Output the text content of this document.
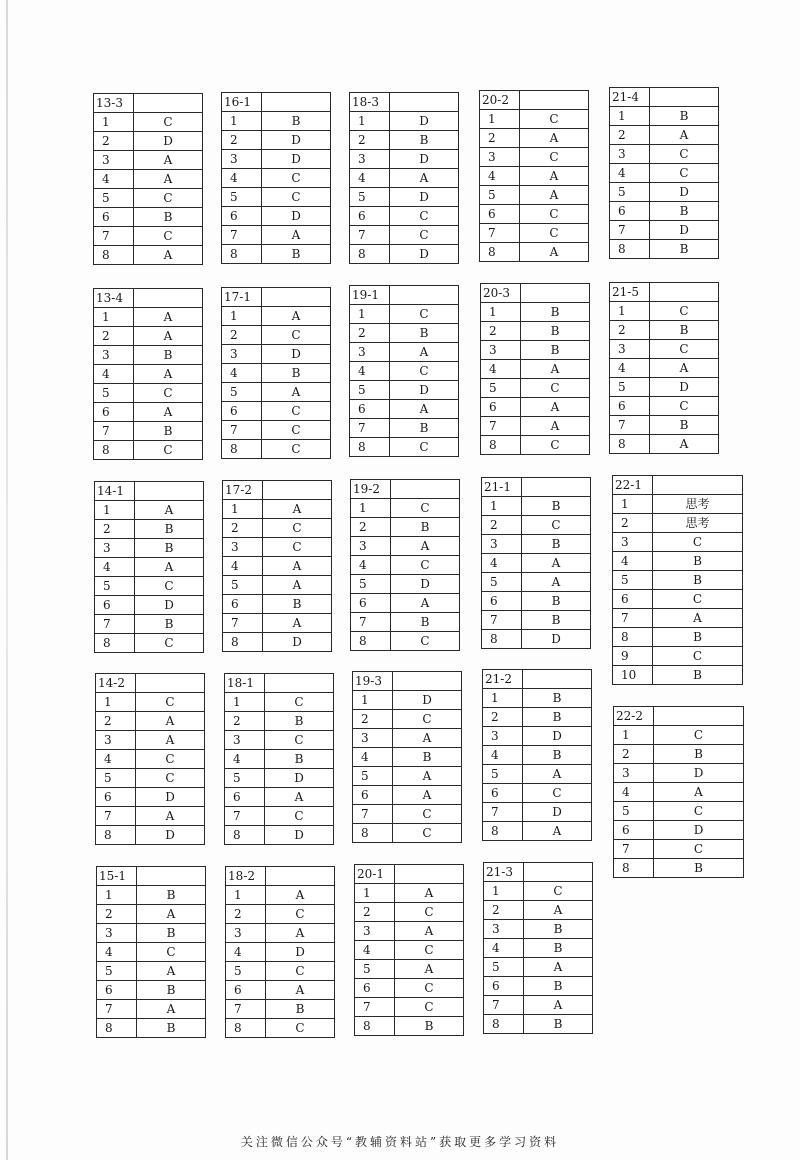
13-3	
1	C
2	D
3	A
4	A
5	C
6	B
7	C
8	A
16-1	
1	B
2	D
3	D
4	C
5	C
6	D
7	A
8	B
18-3	
1	D
2	B
3	D
4	A
5	D
6	C
7	C
8	D
20-2	
1	C
2	A
3	C
4	A
5	A
6	C
7	C
8	A
21-4	
1	B
2	A
3	C
4	C
5	D
6	B
7	D
8	B
13-4	
1	A
2	A
3	B
4	A
5	C
6	A
7	B
8	C
17-1	
1	A
2	C
3	D
4	B
5	A
6	C
7	C
8	C
19-1	
1	C
2	B
3	A
4	C
5	D
6	A
7	B
8	C
20-3	
1	B
2	B
3	B
4	A
5	C
6	A
7	A
8	C
21-5	
1	C
2	B
3	C
4	A
5	D
6	C
7	B
8	A
14-1	
1	A
2	B
3	B
4	A
5	C
6	D
7	B
8	C
17-2	
1	A
2	C
3	C
4	A
5	A
6	B
7	A
8	D
19-2	
1	C
2	B
3	A
4	C
5	D
6	A
7	B
8	C
21-1	
1	B
2	C
3	B
4	A
5	A
6	B
7	B
8	D
22-1	
1	思考
2	思考
3	C
4	B
5	B
6	C
7	A
8	B
9	C
10	B
14-2	
1	C
2	A
3	A
4	C
5	C
6	D
7	A
8	D
18-1	
1	C
2	B
3	C
4	B
5	D
6	A
7	C
8	D
19-3	
1	D
2	C
3	A
4	B
5	A
6	A
7	C
8	C
21-2	
1	B
2	B
3	D
4	B
5	A
6	C
7	D
8	A
22-2	
1	C
2	B
3	D
4	A
5	C
6	D
7	C
8	B
15-1	
1	B
2	A
3	B
4	C
5	A
6	B
7	A
8	B
18-2	
1	A
2	C
3	A
4	D
5	C
6	A
7	B
8	C
20-1	
1	A
2	C
3	A
4	C
5	A
6	C
7	C
8	B
21-3	
1	C
2	A
3	B
4	B
5	A
6	B
7	A
8	B
关注微信公众号“教辅资料站”获取更多学习资料
